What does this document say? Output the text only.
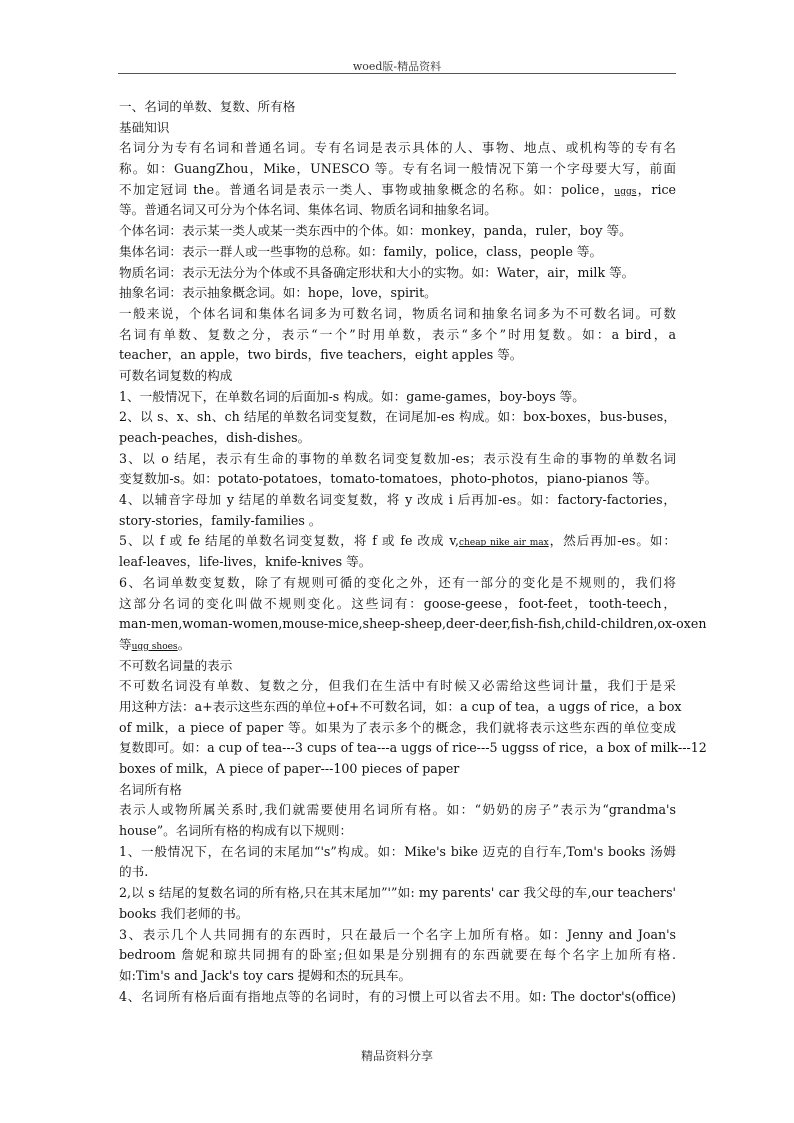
woed版-精品资料
一、名词的单数、复数、所有格
基础知识
名词分为专有名词和普通名词。专有名词是表示具体的人、事物、地点、或机构等的专有名
称。如：GuangZhou，Mike，UNESCO 等。专有名词一般情况下第一个字母要大写，前面
不加定冠词 the。普通名词是表示一类人、事物或抽象概念的名称。如：police，uggs，rice
等。普通名词又可分为个体名词、集体名词、物质名词和抽象名词。
个体名词：表示某一类人或某一类东西中的个体。如：monkey，panda，ruler，boy 等。
集体名词：表示一群人或一些事物的总称。如：family，police，class，people 等。
物质名词：表示无法分为个体或不具备确定形状和大小的实物。如：Water，air，milk 等。
抽象名词：表示抽象概念词。如：hope，love，spirit。
一般来说，个体名词和集体名词多为可数名词，物质名词和抽象名词多为不可数名词。可数
名词有单数、复数之分，表示“一个”时用单数，表示“多个”时用复数。如：a bird，a
teacher，an apple，two birds，five teachers，eight apples 等。
可数名词复数的构成
1、一般情况下，在单数名词的后面加-s 构成。如：game-games，boy-boys 等。
2、以 s、x、sh、ch 结尾的单数名词变复数，在词尾加-es 构成。如：box-boxes，bus-buses，
peach-peaches，dish-dishes。
3、以 o 结尾，表示有生命的事物的单数名词变复数加-es；表示没有生命的事物的单数名词
变复数加-s。如：potato-potatoes，tomato-tomatoes，photo-photos，piano-pianos 等。
4、以辅音字母加 y 结尾的单数名词变复数，将 y 改成 i 后再加-es。如：factory-factories，
story-stories，family-families 。
5、以 f 或 fe 结尾的单数名词变复数，将 f 或 fe 改成 v,cheap nike air max，然后再加-es。如：
leaf-leaves，life-lives，knife-knives 等。
6、名词单数变复数，除了有规则可循的变化之外，还有一部分的变化是不规则的，我们将
这部分名词的变化叫做不规则变化。这些词有：goose-geese，foot-feet，tooth-teech，
man-men,woman-women,mouse-mice,sheep-sheep,deer-deer,fish-fish,child-children,ox-oxen
等ugg shoes。
不可数名词量的表示
不可数名词没有单数、复数之分，但我们在生活中有时候又必需给这些词计量，我们于是采
用这种方法：a+表示这些东西的单位+of+不可数名词，如：a cup of tea，a uggs of rice，a box
of milk，a piece of paper 等。如果为了表示多个的概念，我们就将表示这些东西的单位变成
复数即可。如：a cup of tea---3 cups of tea---a uggs of rice---5 uggss of rice，a box of milk---12
boxes of milk，A piece of paper---100 pieces of paper
名词所有格
表示人或物所属关系时,我们就需要使用名词所有格。如：“奶奶的房子”表示为“grandma's
house”。名词所有格的构成有以下规则：
1、一般情况下，在名词的末尾加“'s”构成。如：Mike's bike 迈克的自行车,Tom's books 汤姆
的书.
2,以 s 结尾的复数名词的所有格,只在其末尾加”'”如: my parents' car 我父母的车,our teachers'
books 我们老师的书。
3、表示几个人共同拥有的东西时，只在最后一个名字上加所有格。如：Jenny and Joan's
bedroom 詹妮和琼共同拥有的卧室;但如果是分别拥有的东西就要在每个名字上加所有格.
如:Tim's and Jack's toy cars 提姆和杰的玩具车。
4、名词所有格后面有指地点等的名词时，有的习惯上可以省去不用。如: The doctor's(office)
精品资料分享
